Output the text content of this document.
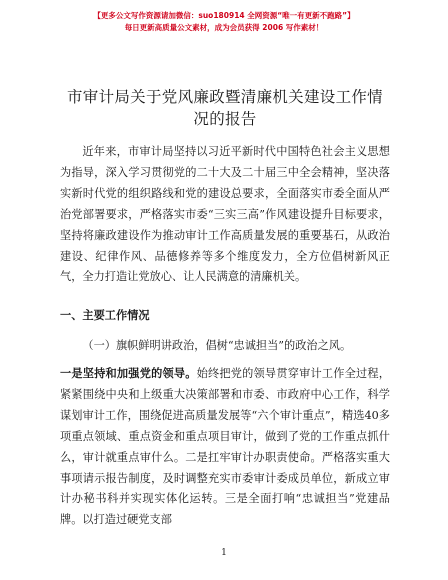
【更多公文写作资源请加微信：suo180914 全网资源“唯一有更新不跑路”】
每日更新高质量公文素材，成为会员获得 2006 写作素材！
市审计局关于党风廉政暨清廉机关建设工作情况的报告
近年来，市审计局坚持以习近平新时代中国特色社会主义思想为指导，深入学习贯彻党的二十大及二十届三中全会精神，坚决落实新时代党的组织路线和党的建设总要求，全面落实市委全面从严治党部署要求，严格落实市委“三实三高”作风建设提升目标要求，坚持将廉政建设作为推动审计工作高质量发展的重要基石，从政治建设、纪律作风、品德修养等多个维度发力，全方位倡树新风正气，全力打造让党放心、让人民满意的清廉机关。
一、主要工作情况
（一）旗帜鲜明讲政治，倡树“忠诚担当”的政治之风。
一是坚持和加强党的领导。始终把党的领导贯穿审计工作全过程，紧紧围绕中央和上级重大决策部署和市委、市政府中心工作，科学谋划审计工作，围绕促进高质量发展等“六个审计重点”，精选40多项重点领域、重点资金和重点项目审计，做到了党的工作重点抓什么，审计就重点审什么。二是扛牢审计办职责使命。严格落实重大事项请示报告制度，及时调整充实市委审计委成员单位，新成立审计办秘书科并实现实体化运转。三是全面打响“忠诚担当”党建品牌。以打造过硬党支部
1
